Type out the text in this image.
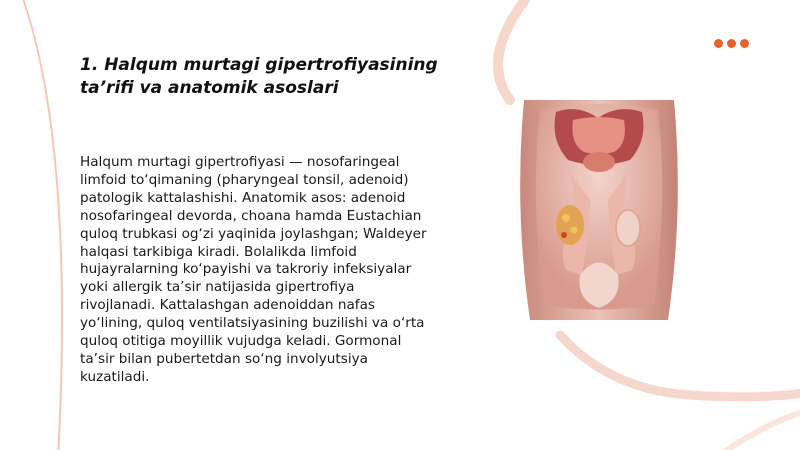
1. Halqum murtagi gipertrofiyasining ta’rifi va anatomik asoslari

Halqum murtagi gipertrofiyasi — nosofaringeal limfoid to‘qimaning (pharyngeal tonsil, adenoid) patologik kattalashishi. Anatomik asos: adenoid nosofaringeal devorda, choana hamda Eustachian quloq trubkasi og‘zi yaqinida joylashgan; Waldeyer halqasi tarkibiga kiradi. Bolalikda limfoid hujayralarning ko‘payishi va takroriy infeksiyalar yoki allergik ta’sir natijasida gipertrofiya rivojlanadi. Kattalashgan adenoiddan nafas yo‘lining, quloq ventilatsiyasining buzilishi va o‘rta quloq otitiga moyillik vujudga keladi. Gormonal ta’sir bilan pubertetdan so‘ng involyutsiya kuzatiladi.
